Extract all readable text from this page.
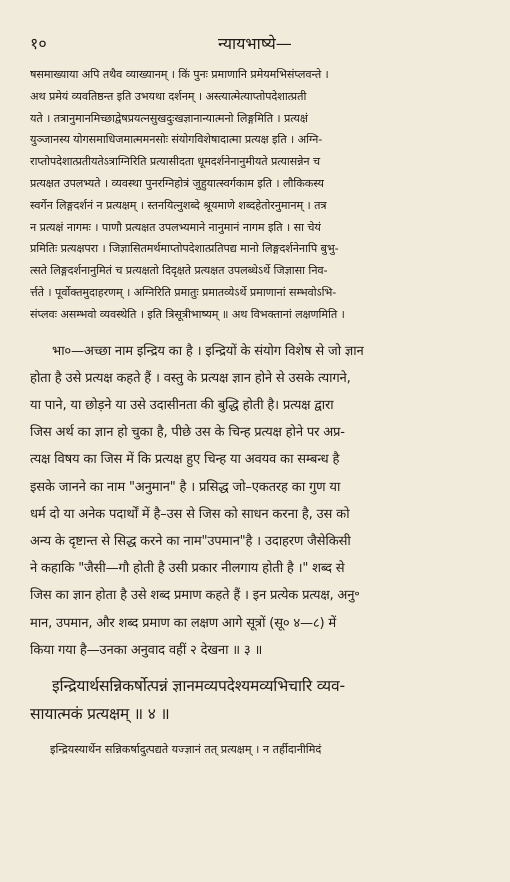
१०	न्यायभाष्ये—
षसमाख्याया अपि तथैव व्याख्यानम् । किं पुनः प्रमाणानि प्रमेयमभिसंप्लवन्ते ।
अथ प्रमेयं व्यवतिष्ठन्त इति उभयथा दर्शनम् । अस्त्यात्मेत्याप्तोपदेशात्प्रती
यते । तत्रानुमानमिच्छाद्वेषप्रयत्नसुखदुःखज्ञानान्यात्मनो लिङ्गमिति । प्रत्यक्षं
युञ्जानस्य योगसमाधिजमात्ममनसोः संयोगविशेषादात्मा प्रत्यक्ष इति । अग्नि-
राप्तोपदेशात्प्रतीयतेऽत्राग्निरिति प्रत्यासीदता धूमदर्शनेनानुमीयते प्रत्यासन्नेन च
प्रत्यक्षत उपलभ्यते । व्यवस्था पुनरग्निहोत्रं जुहुयात्स्वर्गकाम इति । लौकिकस्य
स्वर्गेन लिङ्गदर्शनं न प्रत्यक्षम् । स्तनयित्नुशब्दे श्रूयमाणे शब्दहेतोरनुमानम् । तत्र
न प्रत्यक्षं नागमः । पाणौ प्रत्यक्षत उपलभ्यमाने नानुमानं नागम इति । सा चेयं
प्रमितिः प्रत्यक्षपरा । जिज्ञासितमर्थमाप्तोपदेशात्प्रतिपद्य मानो लिङ्गदर्शनेनापि बुभु-
त्सते लिङ्गदर्शनानुमितं च प्रत्यक्षतो दिदृक्षते प्रत्यक्षत उपलब्धेऽर्थे जिज्ञासा निव-
र्त्तते । पूर्वोक्तमुदाहरणम् । अग्निरिति प्रमातुः प्रमातव्येऽर्थे प्रमाणानां सम्भवोऽभि-
संप्लवः असम्भवो व्यवस्थेति । इति त्रिसूत्रीभाष्यम् ॥ अथ विभक्तानां लक्षणमिति ।
भा०—अच्छा नाम इन्द्रिय का है । इन्द्रियों के संयोग विशेष से जो ज्ञान
होता है उसे प्रत्यक्ष कहते हैं । वस्तु के प्रत्यक्ष ज्ञान होने से उसके त्यागने,
या पाने, या छोड़ने या उसे उदासीनता की बुद्धि होती है। प्रत्यक्ष द्वारा
जिस अर्थ का ज्ञान हो चुका है, पीछे उस के चिन्ह प्रत्यक्ष होने पर अप्र-
त्यक्ष विषय का जिस में कि प्रत्यक्ष हुए चिन्ह या अवयव का सम्बन्ध है
इसके जानने का नाम "अनुमान" है । प्रसिद्ध जो–एकतरह का गुण या
धर्म दो या अनेक पदार्थों में है–उस से जिस को साधन करना है, उस को
अन्य के दृष्टान्त से सिद्ध करने का नाम"उपमान"है । उदाहरण जैसेकिसी
ने कहाकि "जैसी—गौ होती है उसी प्रकार नीलगाय होती है ।" शब्द से
जिस का ज्ञान होता है उसे शब्द प्रमाण कहते हैं । इन प्रत्येक प्रत्यक्ष, अनु॰
मान, उपमान, और शब्द प्रमाण का लक्षण आगे सूत्रों (सू० ४—८) में
किया गया है—उनका अनुवाद वहीं २ देखना ॥ ३ ॥
इन्द्रियार्थसन्निकर्षोत्पन्नं ज्ञानमव्यपदेश्यमव्यभिचारि व्यव-
सायात्मकं प्रत्यक्षम् ॥ ४ ॥
इन्द्रियस्यार्थेन सन्निकर्षादुत्पद्यते यज्ज्ञानं तत् प्रत्यक्षम् । न तर्हीदानीमिदं
